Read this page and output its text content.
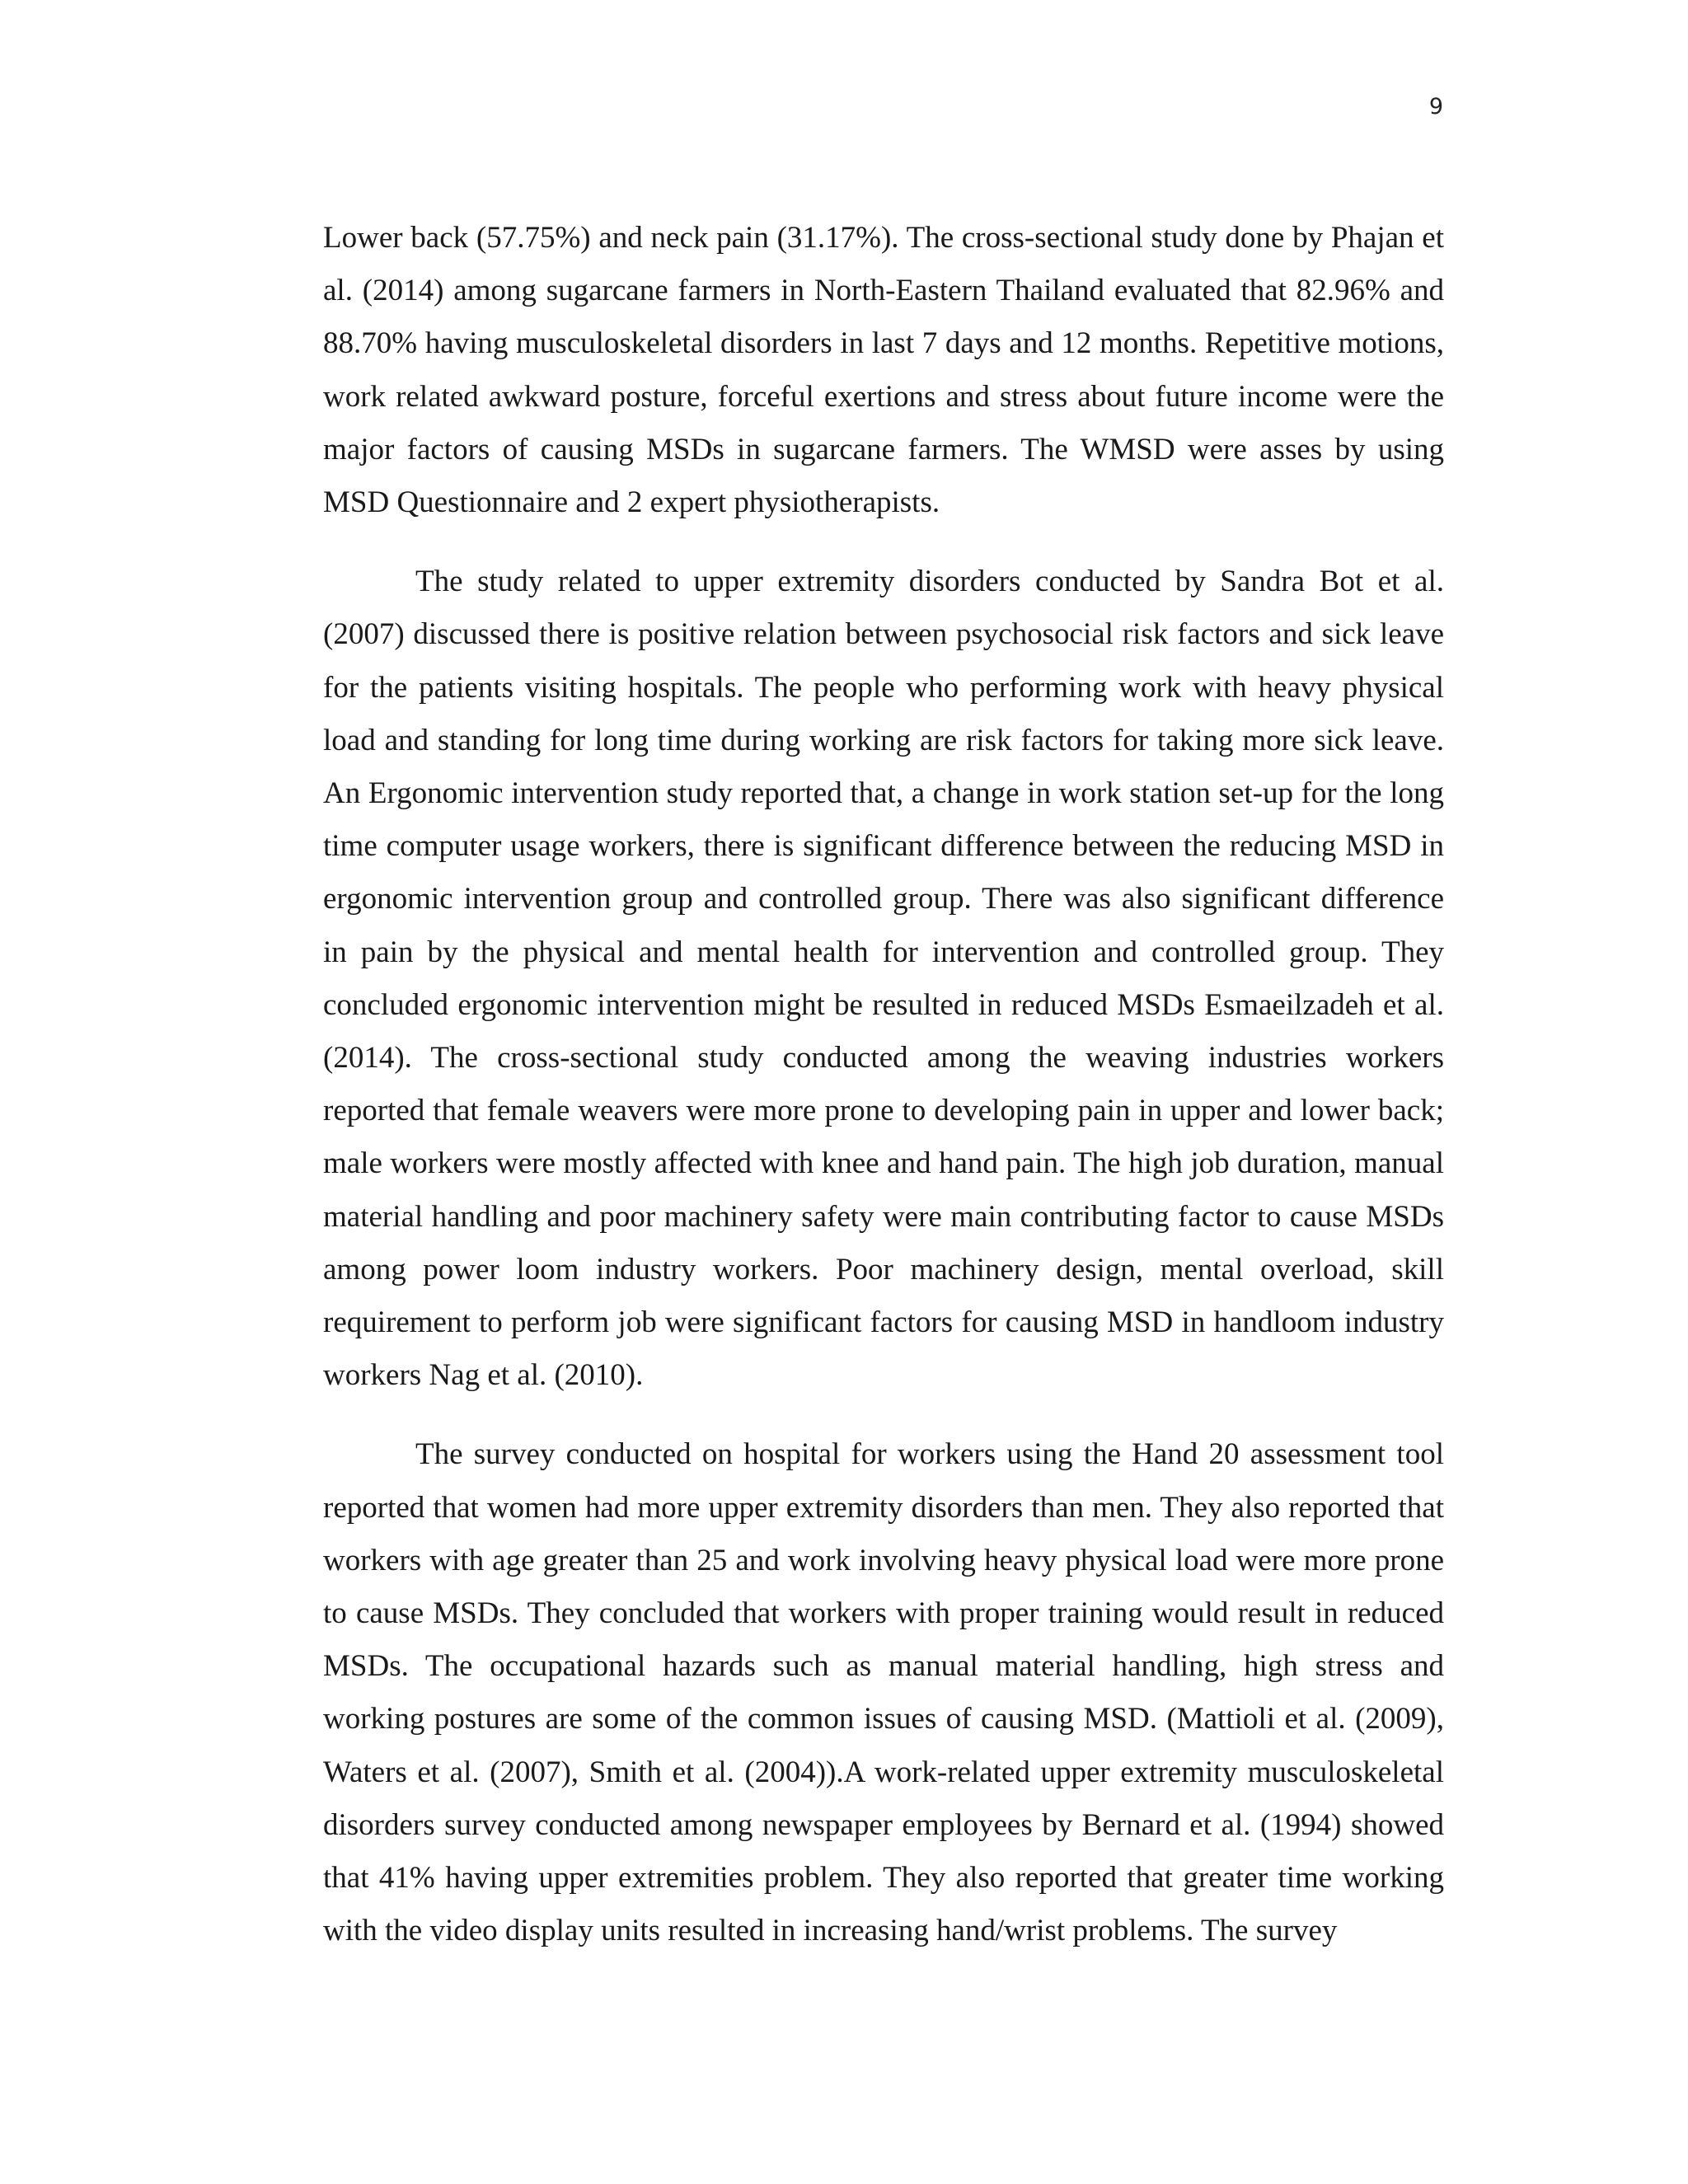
9

Lower back (57.75%) and neck pain (31.17%). The cross-sectional study done by Phajan et al. (2014) among sugarcane farmers in North-Eastern Thailand evaluated that 82.96% and 88.70% having musculoskeletal disorders in last 7 days and 12 months. Repetitive motions, work related awkward posture, forceful exertions and stress about future income were the major factors of causing MSDs in sugarcane farmers. The WMSD were asses by using MSD Questionnaire and 2 expert physiotherapists.

The study related to upper extremity disorders conducted by Sandra Bot et al. (2007) discussed there is positive relation between psychosocial risk factors and sick leave for the patients visiting hospitals. The people who performing work with heavy physical load and standing for long time during working are risk factors for taking more sick leave. An Ergonomic intervention study reported that, a change in work station set-up for the long time computer usage workers, there is significant difference between the reducing MSD in ergonomic intervention group and controlled group. There was also significant difference in pain by the physical and mental health for intervention and controlled group. They concluded ergonomic intervention might be resulted in reduced MSDs Esmaeilzadeh et al. (2014). The cross-sectional study conducted among the weaving industries workers reported that female weavers were more prone to developing pain in upper and lower back; male workers were mostly affected with knee and hand pain. The high job duration, manual material handling and poor machinery safety were main contributing factor to cause MSDs among power loom industry workers. Poor machinery design, mental overload, skill requirement to perform job were significant factors for causing MSD in handloom industry workers Nag et al. (2010).

The survey conducted on hospital for workers using the Hand 20 assessment tool reported that women had more upper extremity disorders than men. They also reported that workers with age greater than 25 and work involving heavy physical load were more prone to cause MSDs. They concluded that workers with proper training would result in reduced MSDs. The occupational hazards such as manual material handling, high stress and working postures are some of the common issues of causing MSD. (Mattioli et al. (2009), Waters et al. (2007), Smith et al. (2004)).A work-related upper extremity musculoskeletal disorders survey conducted among newspaper employees by Bernard et al. (1994) showed that 41% having upper extremities problem. They also reported that greater time working with the video display units resulted in increasing hand/wrist problems. The survey
